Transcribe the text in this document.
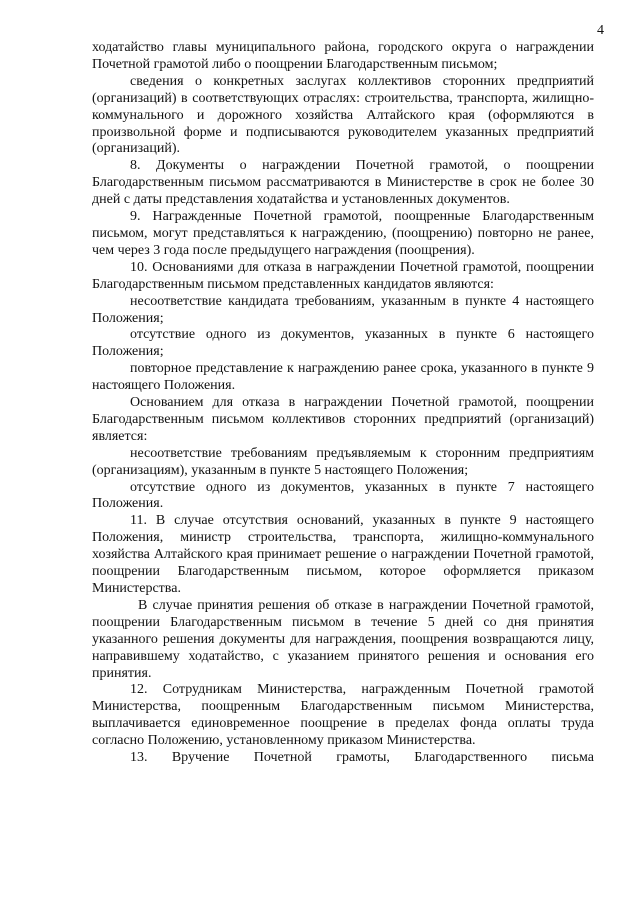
4

ходатайство главы муниципального района, городского округа о награждении Почетной грамотой либо о поощрении Благодарственным письмом;

сведения о конкретных заслугах коллективов сторонних предприятий (организаций) в соответствующих отраслях: строительства, транспорта, жилищно-коммунального и дорожного хозяйства Алтайского края (оформляются в произвольной форме и подписываются руководителем указанных предприятий (организаций).

8. Документы о награждении Почетной грамотой, о поощрении Благодарственным письмом рассматриваются в Министерстве в срок не более 30 дней с даты представления ходатайства и установленных документов.

9. Награжденные Почетной грамотой, поощренные Благодарственным письмом, могут представляться к награждению, (поощрению) повторно не ранее, чем через 3 года после предыдущего награждения (поощрения).

10. Основаниями для отказа в награждении Почетной грамотой, поощрении Благодарственным письмом представленных кандидатов являются:

несоответствие кандидата требованиям, указанным в пункте 4 настоящего Положения;

отсутствие одного из документов, указанных в пункте 6 настоящего Положения;

повторное представление к награждению ранее срока, указанного в пункте 9 настоящего Положения.

Основанием для отказа в награждении Почетной грамотой, поощрении Благодарственным письмом коллективов сторонних предприятий (организаций) является:

несоответствие требованиям предъявляемым к сторонним предприятиям (организациям), указанным в пункте 5 настоящего Положения;

отсутствие одного из документов, указанных в пункте 7 настоящего Положения.

11. В случае отсутствия оснований, указанных в пункте 9 настоящего Положения, министр строительства, транспорта, жилищно-коммунального хозяйства Алтайского края принимает решение о награждении Почетной грамотой, поощрении Благодарственным письмом, которое оформляется приказом Министерства.

В случае принятия решения об отказе в награждении Почетной грамотой, поощрении Благодарственным письмом в течение 5 дней со дня принятия указанного решения документы для награждения, поощрения возвращаются лицу, направившему ходатайство, с указанием принятого решения и основания его принятия.

12. Сотрудникам Министерства, награжденным Почетной грамотой Министерства, поощренным Благодарственным письмом Министерства, выплачивается единовременное поощрение в пределах фонда оплаты труда согласно Положению, установленному приказом Министерства.

13. Вручение Почетной грамоты, Благодарственного письма
